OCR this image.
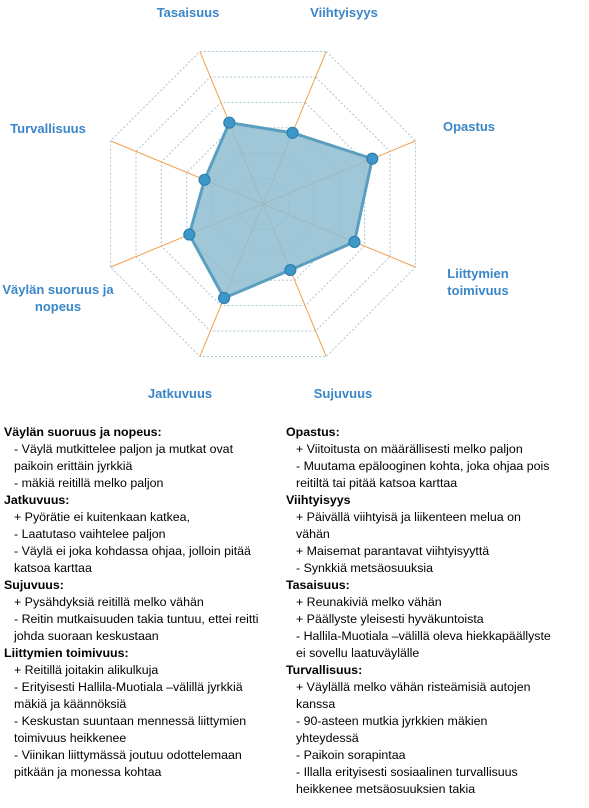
Tasaisuus	Viihtyisyys
Opastus
Liittymien toimivuus
Sujuvuus
Jatkuvuus
Väylän suoruus ja nopeus
Turvallisuus
Väylän suoruus ja nopeus:
- Väylä mutkittelee paljon ja mutkat ovat
paikoin erittäin jyrkkiä
- mäkiä reitillä melko paljon
Jatkuvuus:
+ Pyörätie ei kuitenkaan katkea,
- Laatutaso vaihtelee paljon
- Väylä ei joka kohdassa ohjaa, jolloin pitää
katsoa karttaa
Sujuvuus:
+ Pysähdyksiä reitillä melko vähän
- Reitin mutkaisuuden takia tuntuu, ettei reitti
johda suoraan keskustaan
Liittymien toimivuus:
+ Reitillä joitakin alikulkuja
- Erityisesti Hallila-Muotiala –välillä jyrkkiä
mäkiä ja käännöksiä
- Keskustan suuntaan mennessä liittymien
toimivuus heikkenee
- Viinikan liittymässä joutuu odottelemaan
pitkään ja monessa kohtaa
Opastus:
+ Viitoitusta on määrällisesti melko paljon
- Muutama epälooginen kohta, joka ohjaa pois
reitiltä tai pitää katsoa karttaa
Viihtyisyys
+ Päivällä viihtyisä ja liikenteen melua on
vähän
+ Maisemat parantavat viihtyisyyttä
- Synkkiä metsäosuuksia
Tasaisuus:
+ Reunakiviä melko vähän
+ Päällyste yleisesti hyväkuntoista
- Hallila-Muotiala –välillä oleva hiekkapäällyste
ei sovellu laatuväylälle
Turvallisuus:
+ Väylällä melko vähän risteämisiä autojen
kanssa
- 90-asteen mutkia jyrkkien mäkien
yhteydessä
- Paikoin sorapintaa
- Illalla erityisesti sosiaalinen turvallisuus
heikkenee metsäosuuksien takia
